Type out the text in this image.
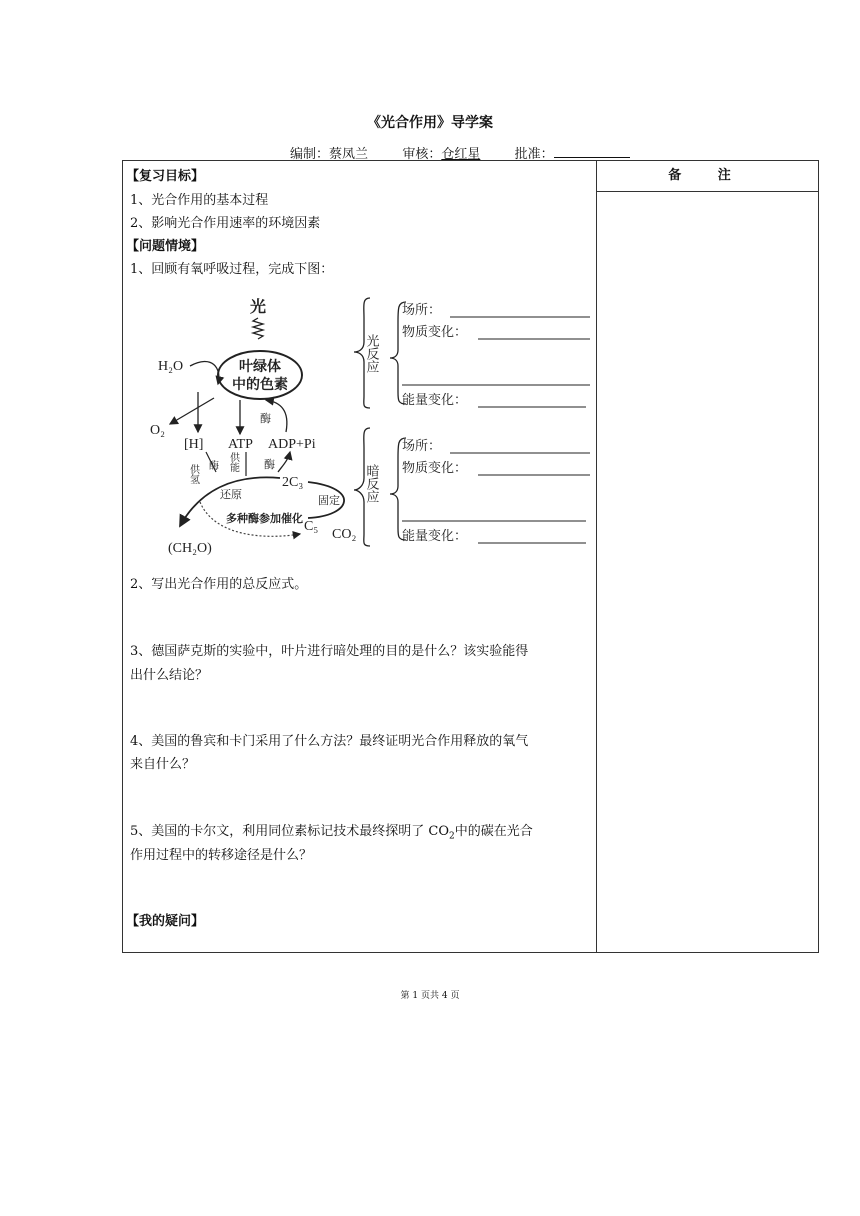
《光合作用》导学案
编制：蔡凤兰	审核：仓红星	批准：
备 注
【复习目标】
1、光合作用的基本过程
2、影响光合作用速率的环境因素
【问题情境】
1、回顾有氧呼吸过程，完成下图：
光
叶绿体
中的色素
H₂O
O₂
[H] ATP ADP+Pi
酶
供氢 酶 供能 酶
2C₃
还原	固定
多种酶参加催化
C₅
CO₂
(CH₂O)
光反应
暗反应
场所：
物质变化：
能量变化：
场所：
物质变化：
能量变化：
2、写出光合作用的总反应式。
3、德国萨克斯的实验中，叶片进行暗处理的目的是什么？该实验能得
出什么结论？
4、美国的鲁宾和卡门采用了什么方法？最终证明光合作用释放的氧气
来自什么？
5、美国的卡尔文，利用同位素标记技术最终探明了 $CO_2$中的碳在光合
作用过程中的转移途径是什么？
【我的疑问】
第 1 页共 4 页
